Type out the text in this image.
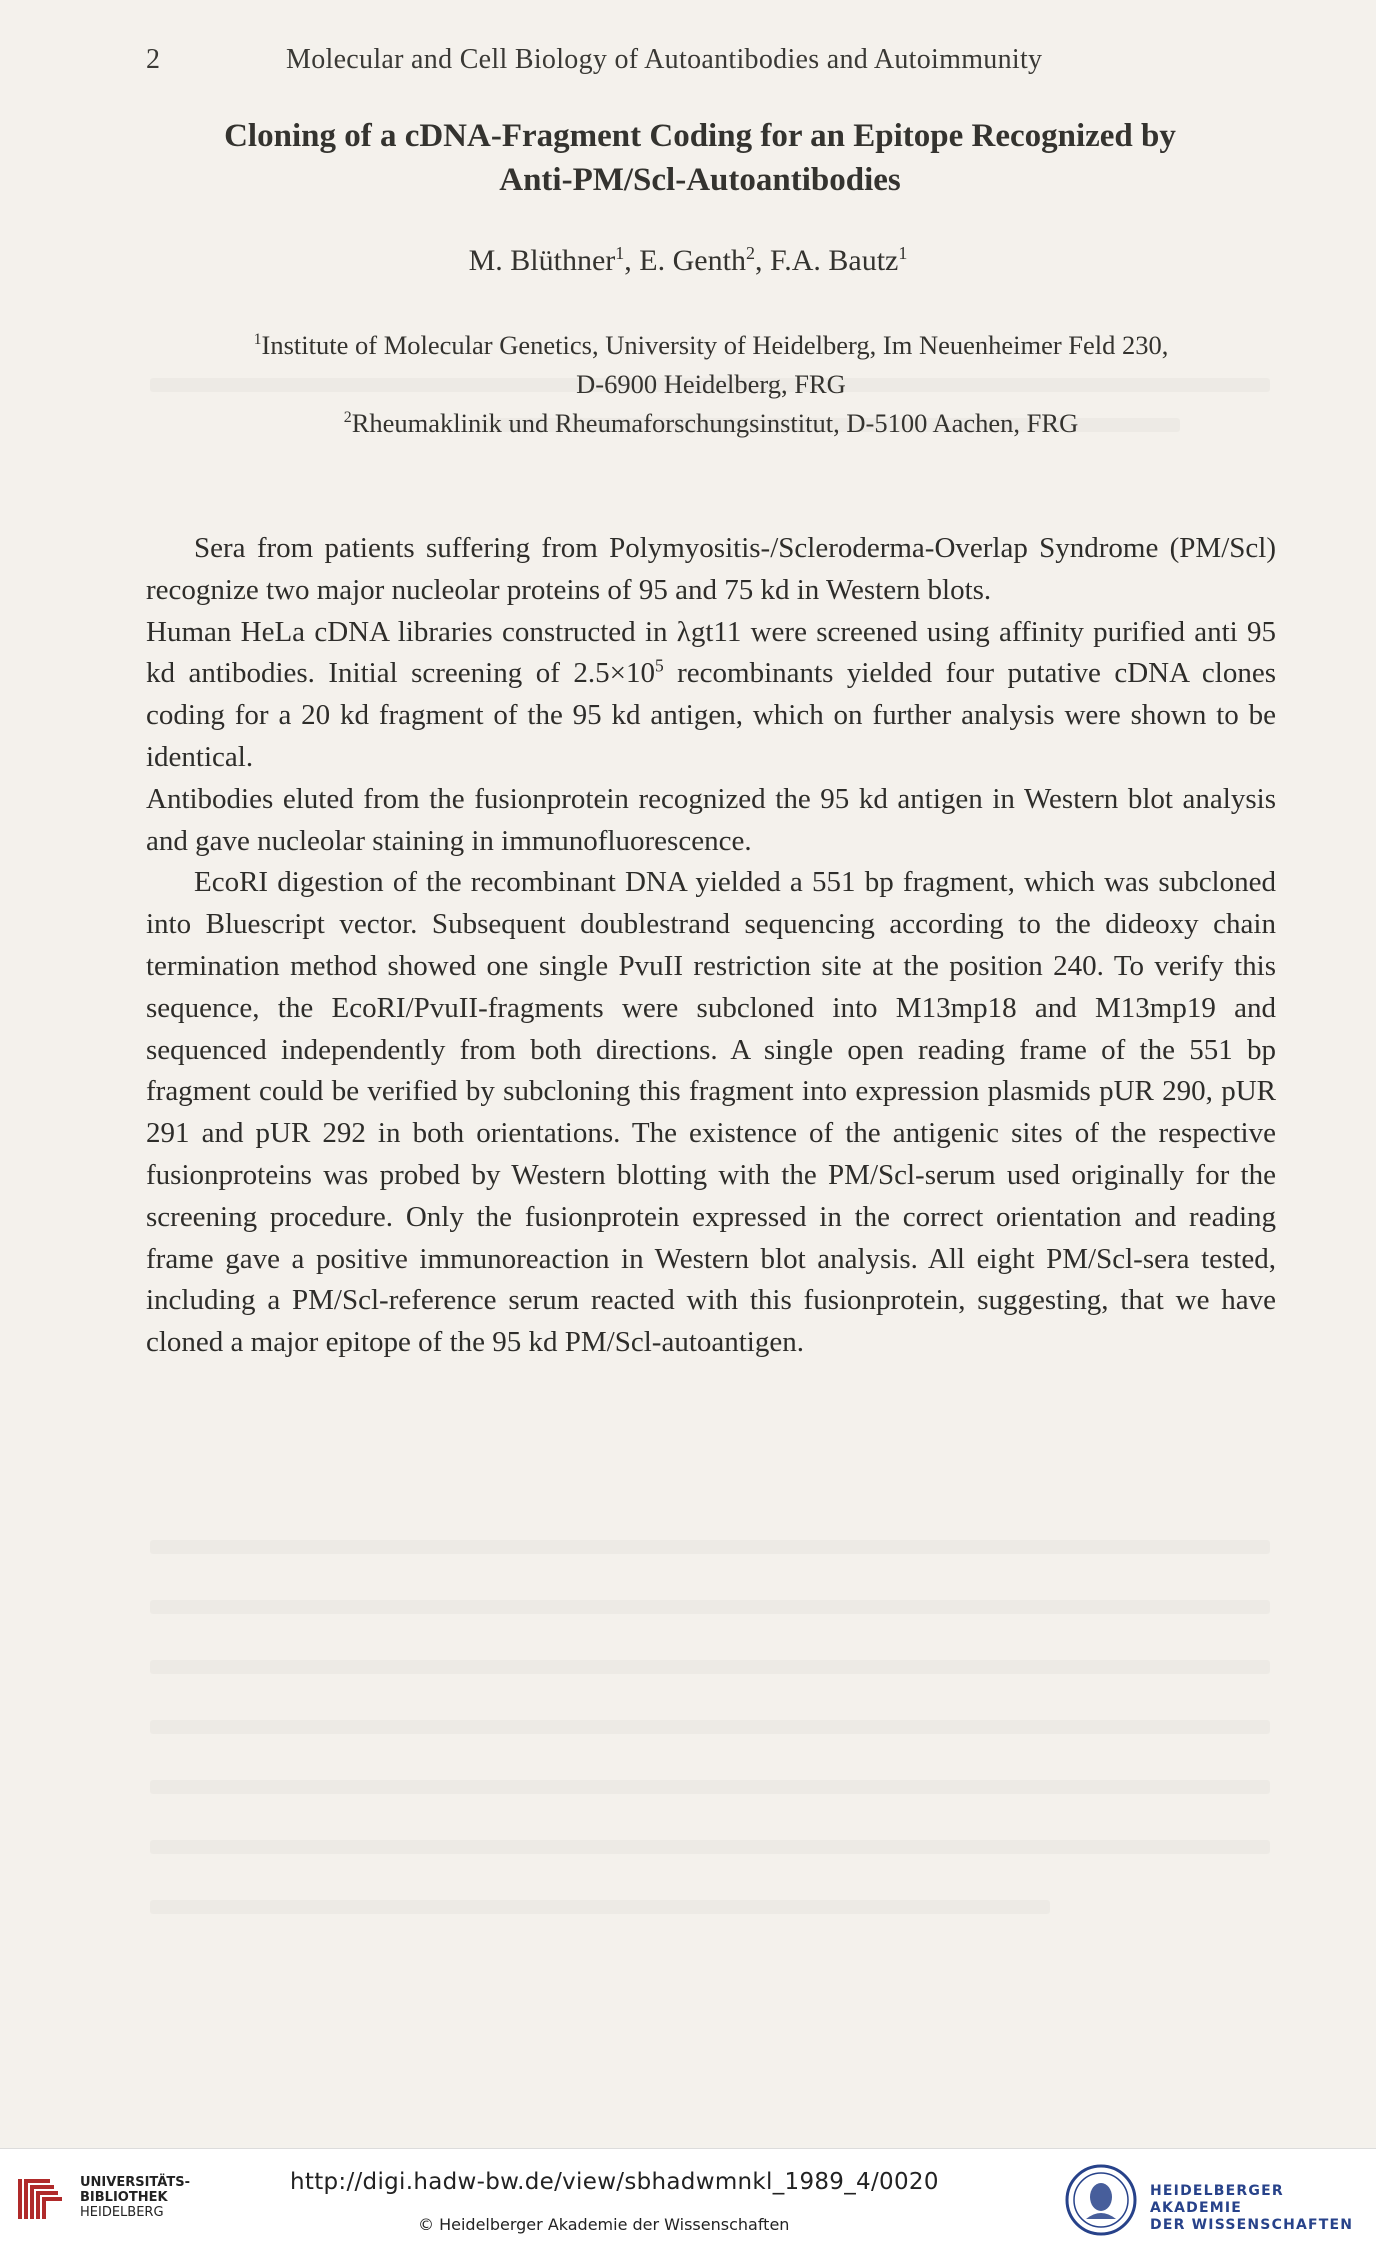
2	Molecular and Cell Biology of Autoantibodies and Autoimmunity
Cloning of a cDNA-Fragment Coding for an Epitope Recognized by
Anti-PM/Scl-Autoantibodies
M. Blüthner$^1$, E. Genth$^2$, F.A. Bautz$^1$
$^1$Institute of Molecular Genetics, University of Heidelberg, Im Neuenheimer Feld 230,
D-6900 Heidelberg, FRG
$^2$Rheumaklinik und Rheumaforschungsinstitut, D-5100 Aachen, FRG

Sera from patients suffering from Polymyositis-/Scleroderma-Overlap Syndrome (PM/Scl) recognize two major nucleolar proteins of 95 and 75 kd in Western blots.

Human HeLa cDNA libraries constructed in λgt11 were screened using affinity purified anti 95 kd antibodies. Initial screening of $2.5\times 10^5$ recombinants yielded four putative cDNA clones coding for a 20 kd fragment of the 95 kd antigen, which on further analysis were shown to be identical.

Antibodies eluted from the fusionprotein recognized the 95 kd antigen in Western blot analysis and gave nucleolar staining in immunofluorescence.

EcoRI digestion of the recombinant DNA yielded a 551 bp fragment, which was subcloned into Bluescript vector. Subsequent doublestrand sequencing according to the dideoxy chain termination method showed one single PvuII restriction site at the position 240. To verify this sequence, the EcoRI/PvuII-fragments were subcloned into M13mp18 and M13mp19 and sequenced independently from both directions. A single open reading frame of the 551 bp fragment could be verified by subcloning this fragment into expression plasmids pUR 290, pUR 291 and pUR 292 in both orientations. The existence of the antigenic sites of the respective fusionproteins was probed by Western blotting with the PM/Scl-serum used originally for the screening procedure. Only the fusionprotein expressed in the correct orientation and reading frame gave a positive immunoreaction in Western blot analysis. All eight PM/Scl-sera tested, including a PM/Scl-reference serum reacted with this fusionprotein, suggesting, that we have cloned a major epitope of the 95 kd PM/Scl-autoantigen.

UNIVERSITÄTS-
BIBLIOTHEK
HEIDELBERG
http://digi.hadw-bw.de/view/sbhadwmnkl_1989_4/0020
© Heidelberger Akademie der Wissenschaften
HEIDELBERGER AKADEMIE
DER WISSENSCHAFTEN
